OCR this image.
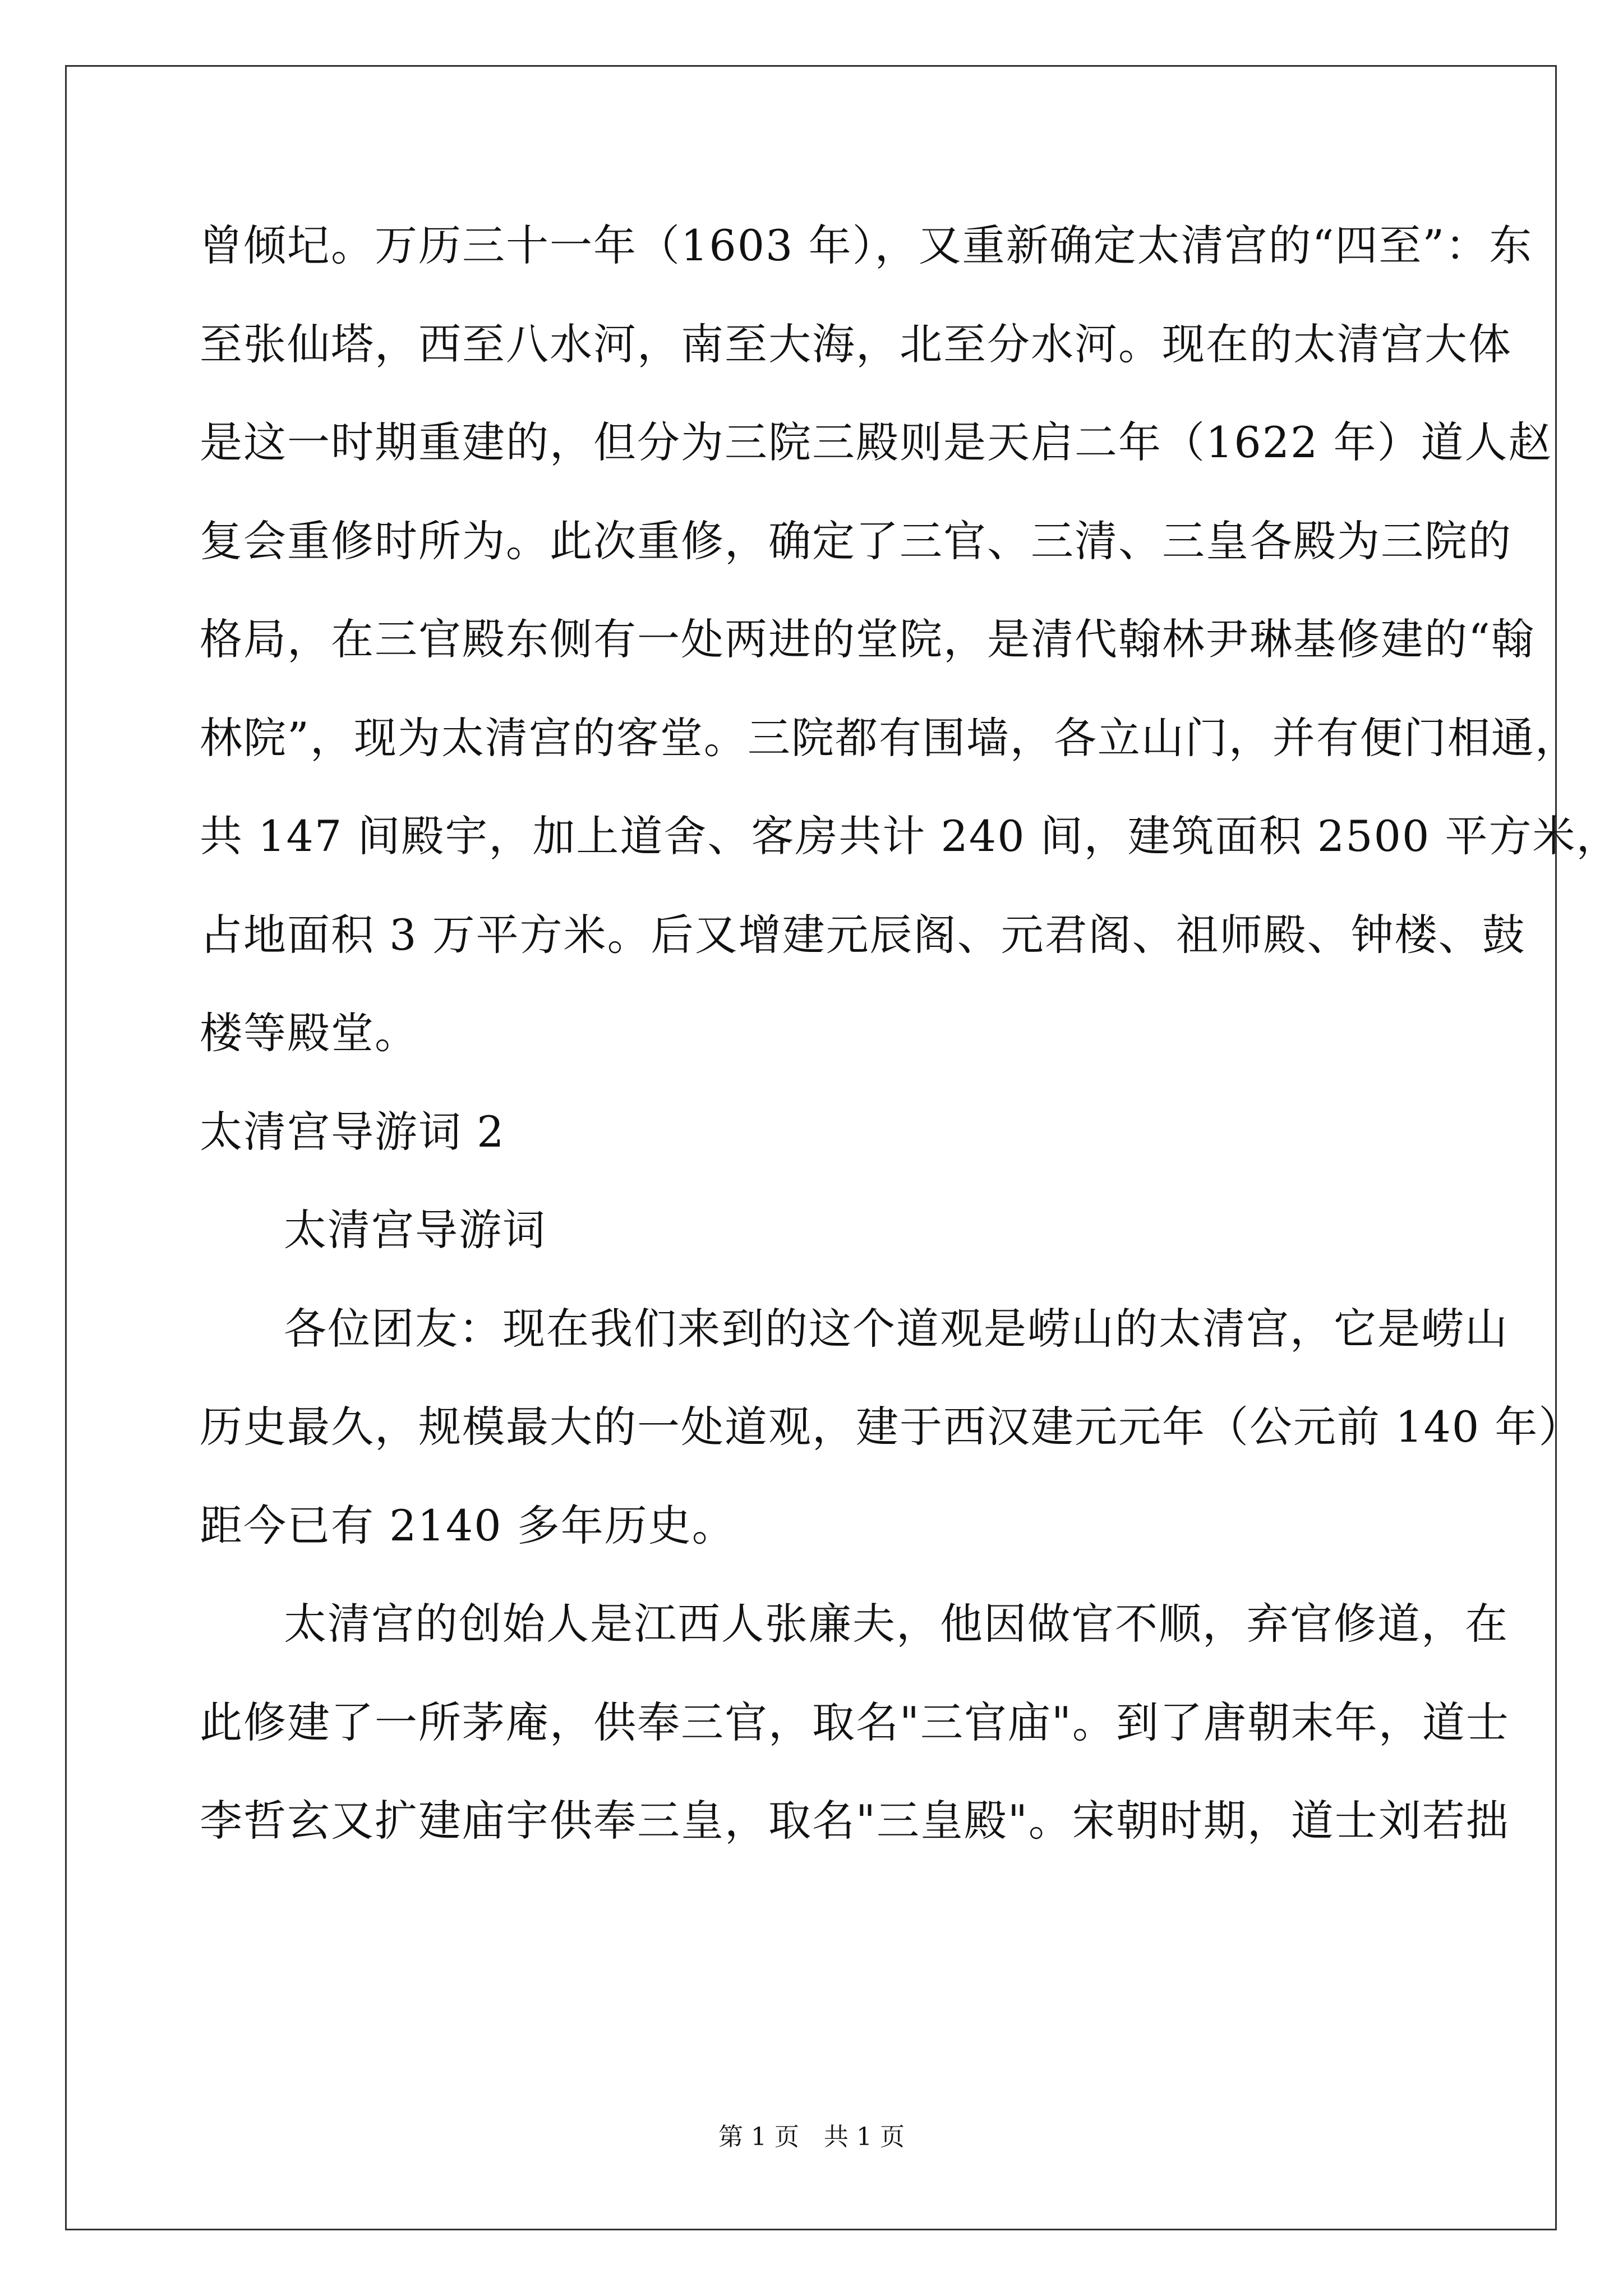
曾倾圮。万历三十一年（1603 年），又重新确定太清宫的“四至”：东
至张仙塔，西至八水河，南至大海，北至分水河。现在的太清宫大体
是这一时期重建的，但分为三院三殿则是天启二年（1622 年）道人赵
复会重修时所为。此次重修，确定了三官、三清、三皇各殿为三院的
格局，在三官殿东侧有一处两进的堂院，是清代翰林尹琳基修建的“翰
林院”，现为太清宫的客堂。三院都有围墙，各立山门，并有便门相通，
共 147 间殿宇，加上道舍、客房共计 240 间，建筑面积 2500 平方米，
占地面积 3 万平方米。后又增建元辰阁、元君阁、祖师殿、钟楼、鼓
楼等殿堂。
太清宫导游词 2
太清宫导游词
各位团友：现在我们来到的这个道观是崂山的太清宫，它是崂山
历史最久，规模最大的一处道观，建于西汉建元元年（公元前 140 年）
距今已有 2140 多年历史。
太清宫的创始人是江西人张廉夫，他因做官不顺，弃官修道，在
此修建了一所茅庵，供奉三官，取名"三官庙"。到了唐朝末年，道士
李哲玄又扩建庙宇供奉三皇，取名"三皇殿"。宋朝时期，道士刘若拙
第 1 页　共 1 页
